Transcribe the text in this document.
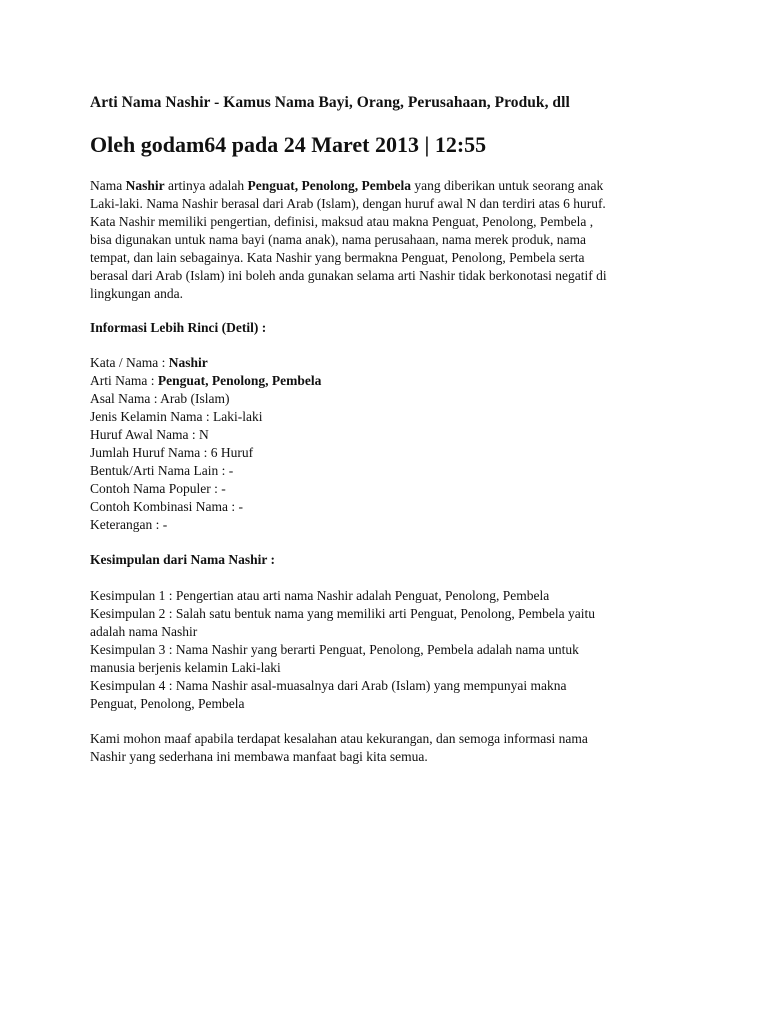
Arti Nama Nashir - Kamus Nama Bayi, Orang, Perusahaan, Produk, dll
Oleh godam64 pada 24 Maret 2013 | 12:55
Nama Nashir artinya adalah Penguat, Penolong, Pembela yang diberikan untuk seorang anak
Laki-laki. Nama Nashir berasal dari Arab (Islam), dengan huruf awal N dan terdiri atas 6 huruf.
Kata Nashir memiliki pengertian, definisi, maksud atau makna Penguat, Penolong, Pembela ,
bisa digunakan untuk nama bayi (nama anak), nama perusahaan, nama merek produk, nama
tempat, dan lain sebagainya. Kata Nashir yang bermakna Penguat, Penolong, Pembela serta
berasal dari Arab (Islam) ini boleh anda gunakan selama arti Nashir tidak berkonotasi negatif di
lingkungan anda.
Informasi Lebih Rinci (Detil) :
Kata / Nama : Nashir
Arti Nama : Penguat, Penolong, Pembela
Asal Nama : Arab (Islam)
Jenis Kelamin Nama : Laki-laki
Huruf Awal Nama : N
Jumlah Huruf Nama : 6 Huruf
Bentuk/Arti Nama Lain : -
Contoh Nama Populer : -
Contoh Kombinasi Nama : -
Keterangan : -
Kesimpulan dari Nama Nashir :
Kesimpulan 1 : Pengertian atau arti nama Nashir adalah Penguat, Penolong, Pembela
Kesimpulan 2 : Salah satu bentuk nama yang memiliki arti Penguat, Penolong, Pembela yaitu
adalah nama Nashir
Kesimpulan 3 : Nama Nashir yang berarti Penguat, Penolong, Pembela adalah nama untuk
manusia berjenis kelamin Laki-laki
Kesimpulan 4 : Nama Nashir asal-muasalnya dari Arab (Islam) yang mempunyai makna
Penguat, Penolong, Pembela
Kami mohon maaf apabila terdapat kesalahan atau kekurangan, dan semoga informasi nama
Nashir yang sederhana ini membawa manfaat bagi kita semua.
